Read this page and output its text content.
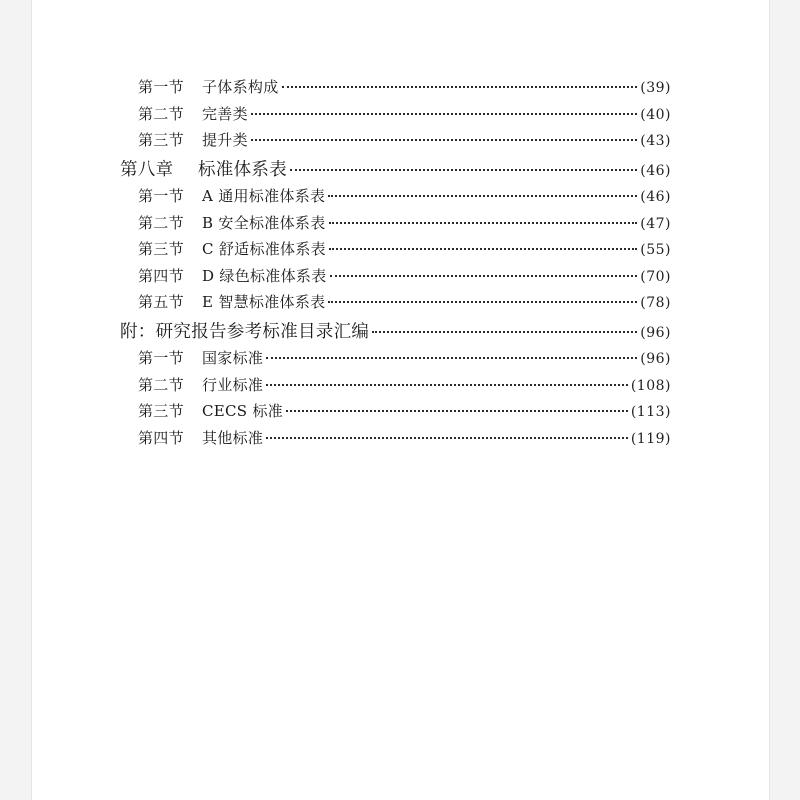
第一节 子体系构成	(39)
第二节 完善类	(40)
第三节 提升类	(43)
第八章 标准体系表	(46)
第一节 A 通用标准体系表	(46)
第二节 B 安全标准体系表	(47)
第三节 C 舒适标准体系表	(55)
第四节 D 绿色标准体系表	(70)
第五节 E 智慧标准体系表	(78)
附：研究报告参考标准目录汇编	(96)
第一节 国家标准	(96)
第二节 行业标准	(108)
第三节 CECS 标准	(113)
第四节 其他标准	(119)
